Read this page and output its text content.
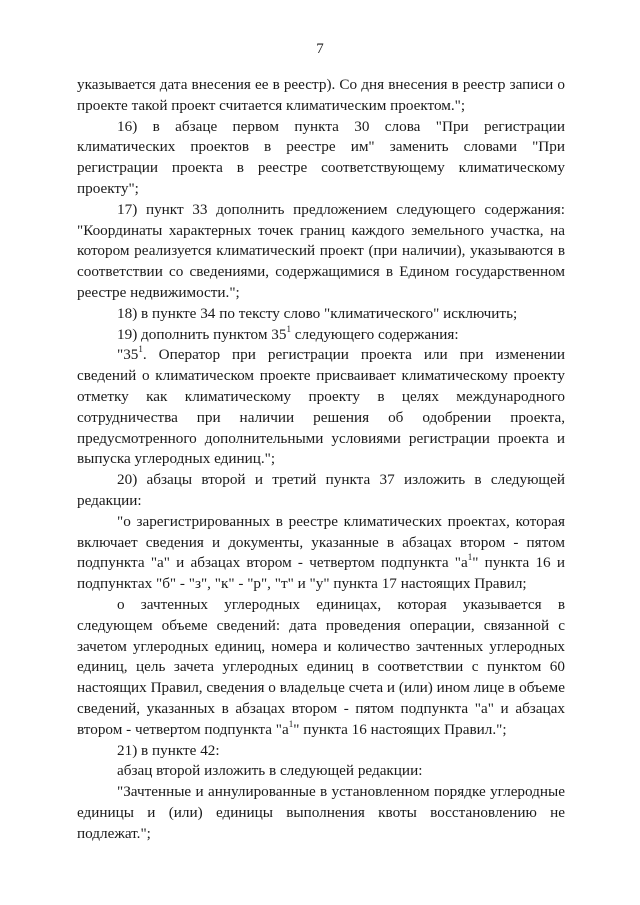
7

указывается дата внесения ее в реестр). Со дня внесения в реестр записи о проекте такой проект считается климатическим проектом.";

16) в абзаце первом пункта 30 слова "При регистрации климатических проектов в реестре им" заменить словами "При регистрации проекта в реестре соответствующему климатическому проекту";

17) пункт 33 дополнить предложением следующего содержания: "Координаты характерных точек границ каждого земельного участка, на котором реализуется климатический проект (при наличии), указываются в соответствии со сведениями, содержащимися в Едином государственном реестре недвижимости.";

18) в пункте 34 по тексту слово "климатического" исключить;

19) дополнить пунктом $35^1$ следующего содержания:

"$35^1$. Оператор при регистрации проекта или при изменении сведений о климатическом проекте присваивает климатическому проекту отметку как климатическому проекту в целях международного сотрудничества при наличии решения об одобрении проекта, предусмотренного дополнительными условиями регистрации проекта и выпуска углеродных единиц.";

20) абзацы второй и третий пункта 37 изложить в следующей редакции:

"о зарегистрированных в реестре климатических проектах, которая включает сведения и документы, указанные в абзацах втором - пятом подпункта "а" и абзацах втором - четвертом подпункта "$а^1$" пункта 16 и подпунктах "б" - "з", "к" - "р", "т" и "у" пункта 17 настоящих Правил;

о зачтенных углеродных единицах, которая указывается в следующем объеме сведений: дата проведения операции, связанной с зачетом углеродных единиц, номера и количество зачтенных углеродных единиц, цель зачета углеродных единиц в соответствии с пунктом 60 настоящих Правил, сведения о владельце счета и (или) ином лице в объеме сведений, указанных в абзацах втором - пятом подпункта "а" и абзацах втором - четвертом подпункта "$а^1$" пункта 16 настоящих Правил.";

21) в пункте 42:

абзац второй изложить в следующей редакции:

"Зачтенные и аннулированные в установленном порядке углеродные единицы и (или) единицы выполнения квоты восстановлению не подлежат.";
